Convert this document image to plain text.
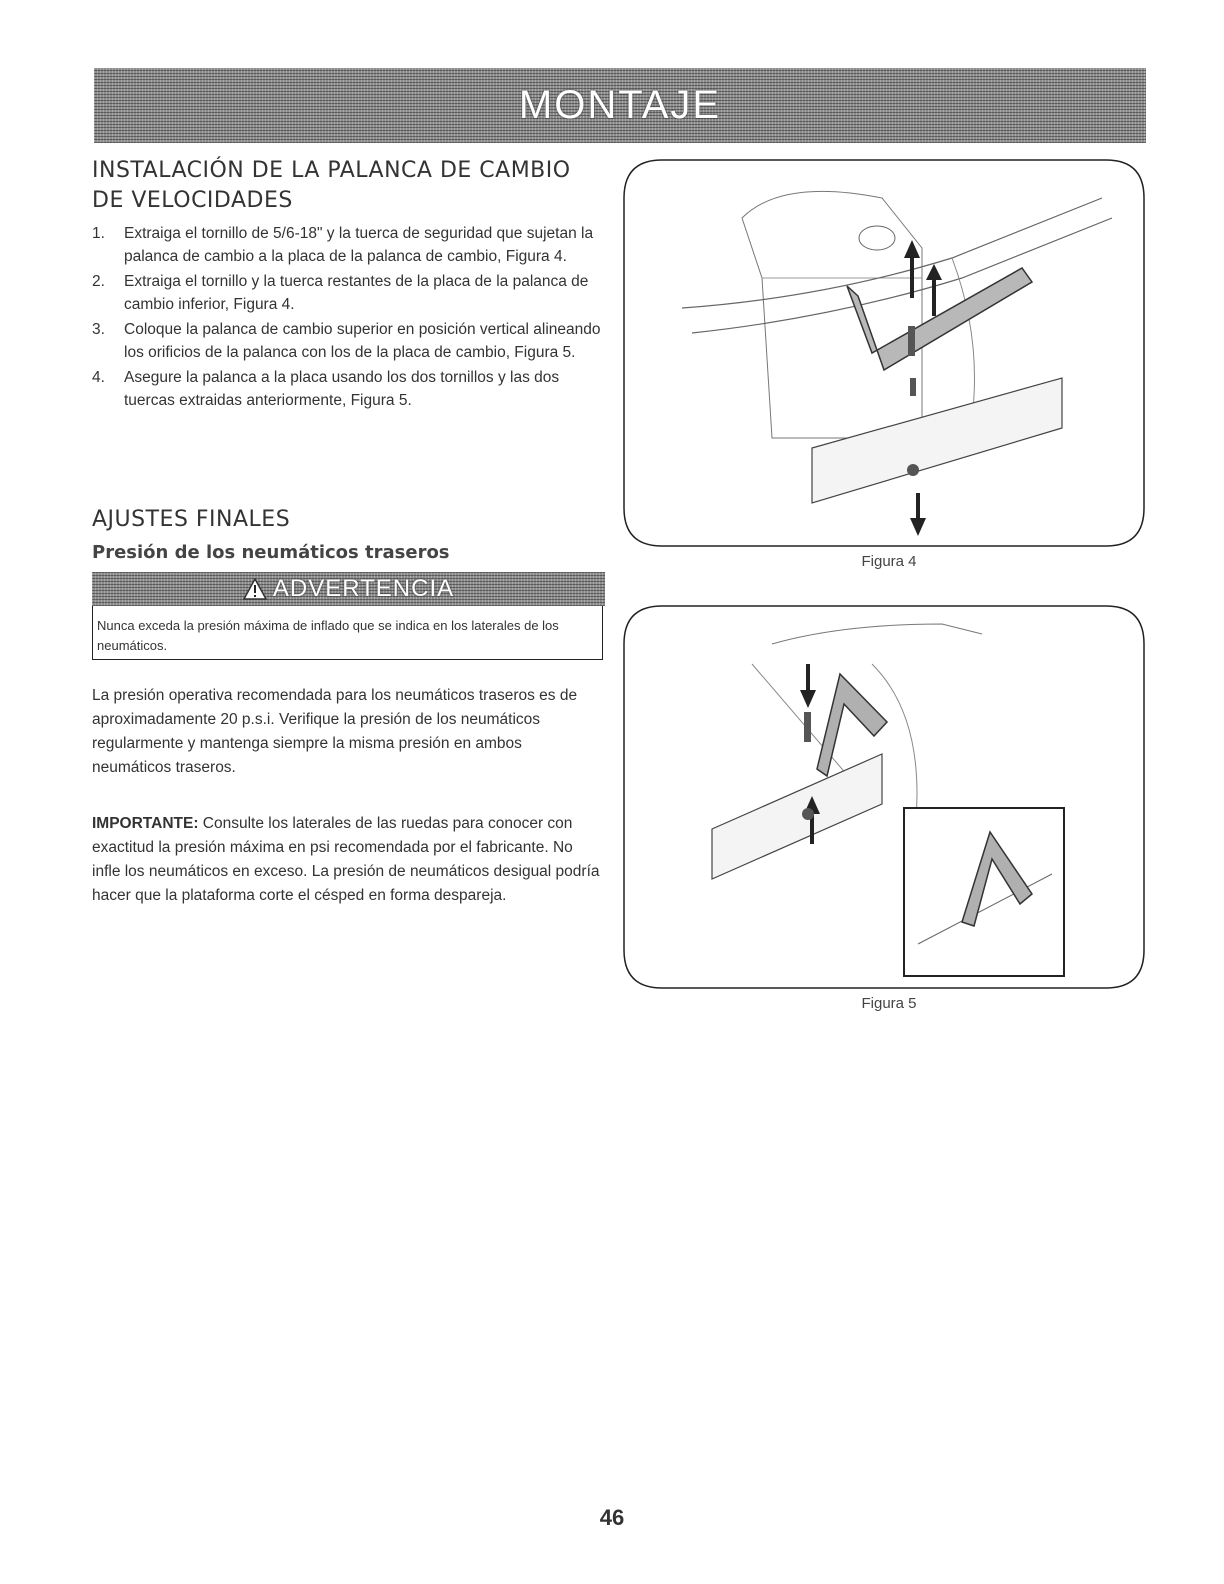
MONTAJE
INSTALACIÓN DE LA PALANCA DE CAMBIO
DE VELOCIDADES
1.	Extraiga el tornillo de 5/6-18" y la tuerca de seguridad que sujetan la palanca de cambio a la placa de la palanca de cambio, Figura 4.
2.	Extraiga el tornillo y la tuerca restantes de la placa de la palanca de cambio inferior, Figura 4.
3.	Coloque la palanca de cambio superior en posición vertical alineando los orificios de la palanca con los de la placa de cambio, Figura 5.
4.	Asegure la palanca a la placa usando los dos tornillos y las dos tuercas extraidas anteriormente, Figura 5.
AJUSTES FINALES
Presión de los neumáticos traseros
ADVERTENCIA
Nunca exceda la presión máxima de inflado que se indica en los laterales de los neumáticos.

La presión operativa recomendada para los neumáticos traseros es de aproximadamente 20 p.s.i. Verifique la presión de los neumáticos regularmente y mantenga siempre la misma presión en ambos neumáticos traseros.

IMPORTANTE: Consulte los laterales de las ruedas para conocer con exactitud la presión máxima en psi recomendada por el fabricante. No infle los neumáticos en exceso. La presión de neumáticos desigual podría hacer que la plataforma corte el césped en forma despareja.

Figura 4
Figura 5
46
